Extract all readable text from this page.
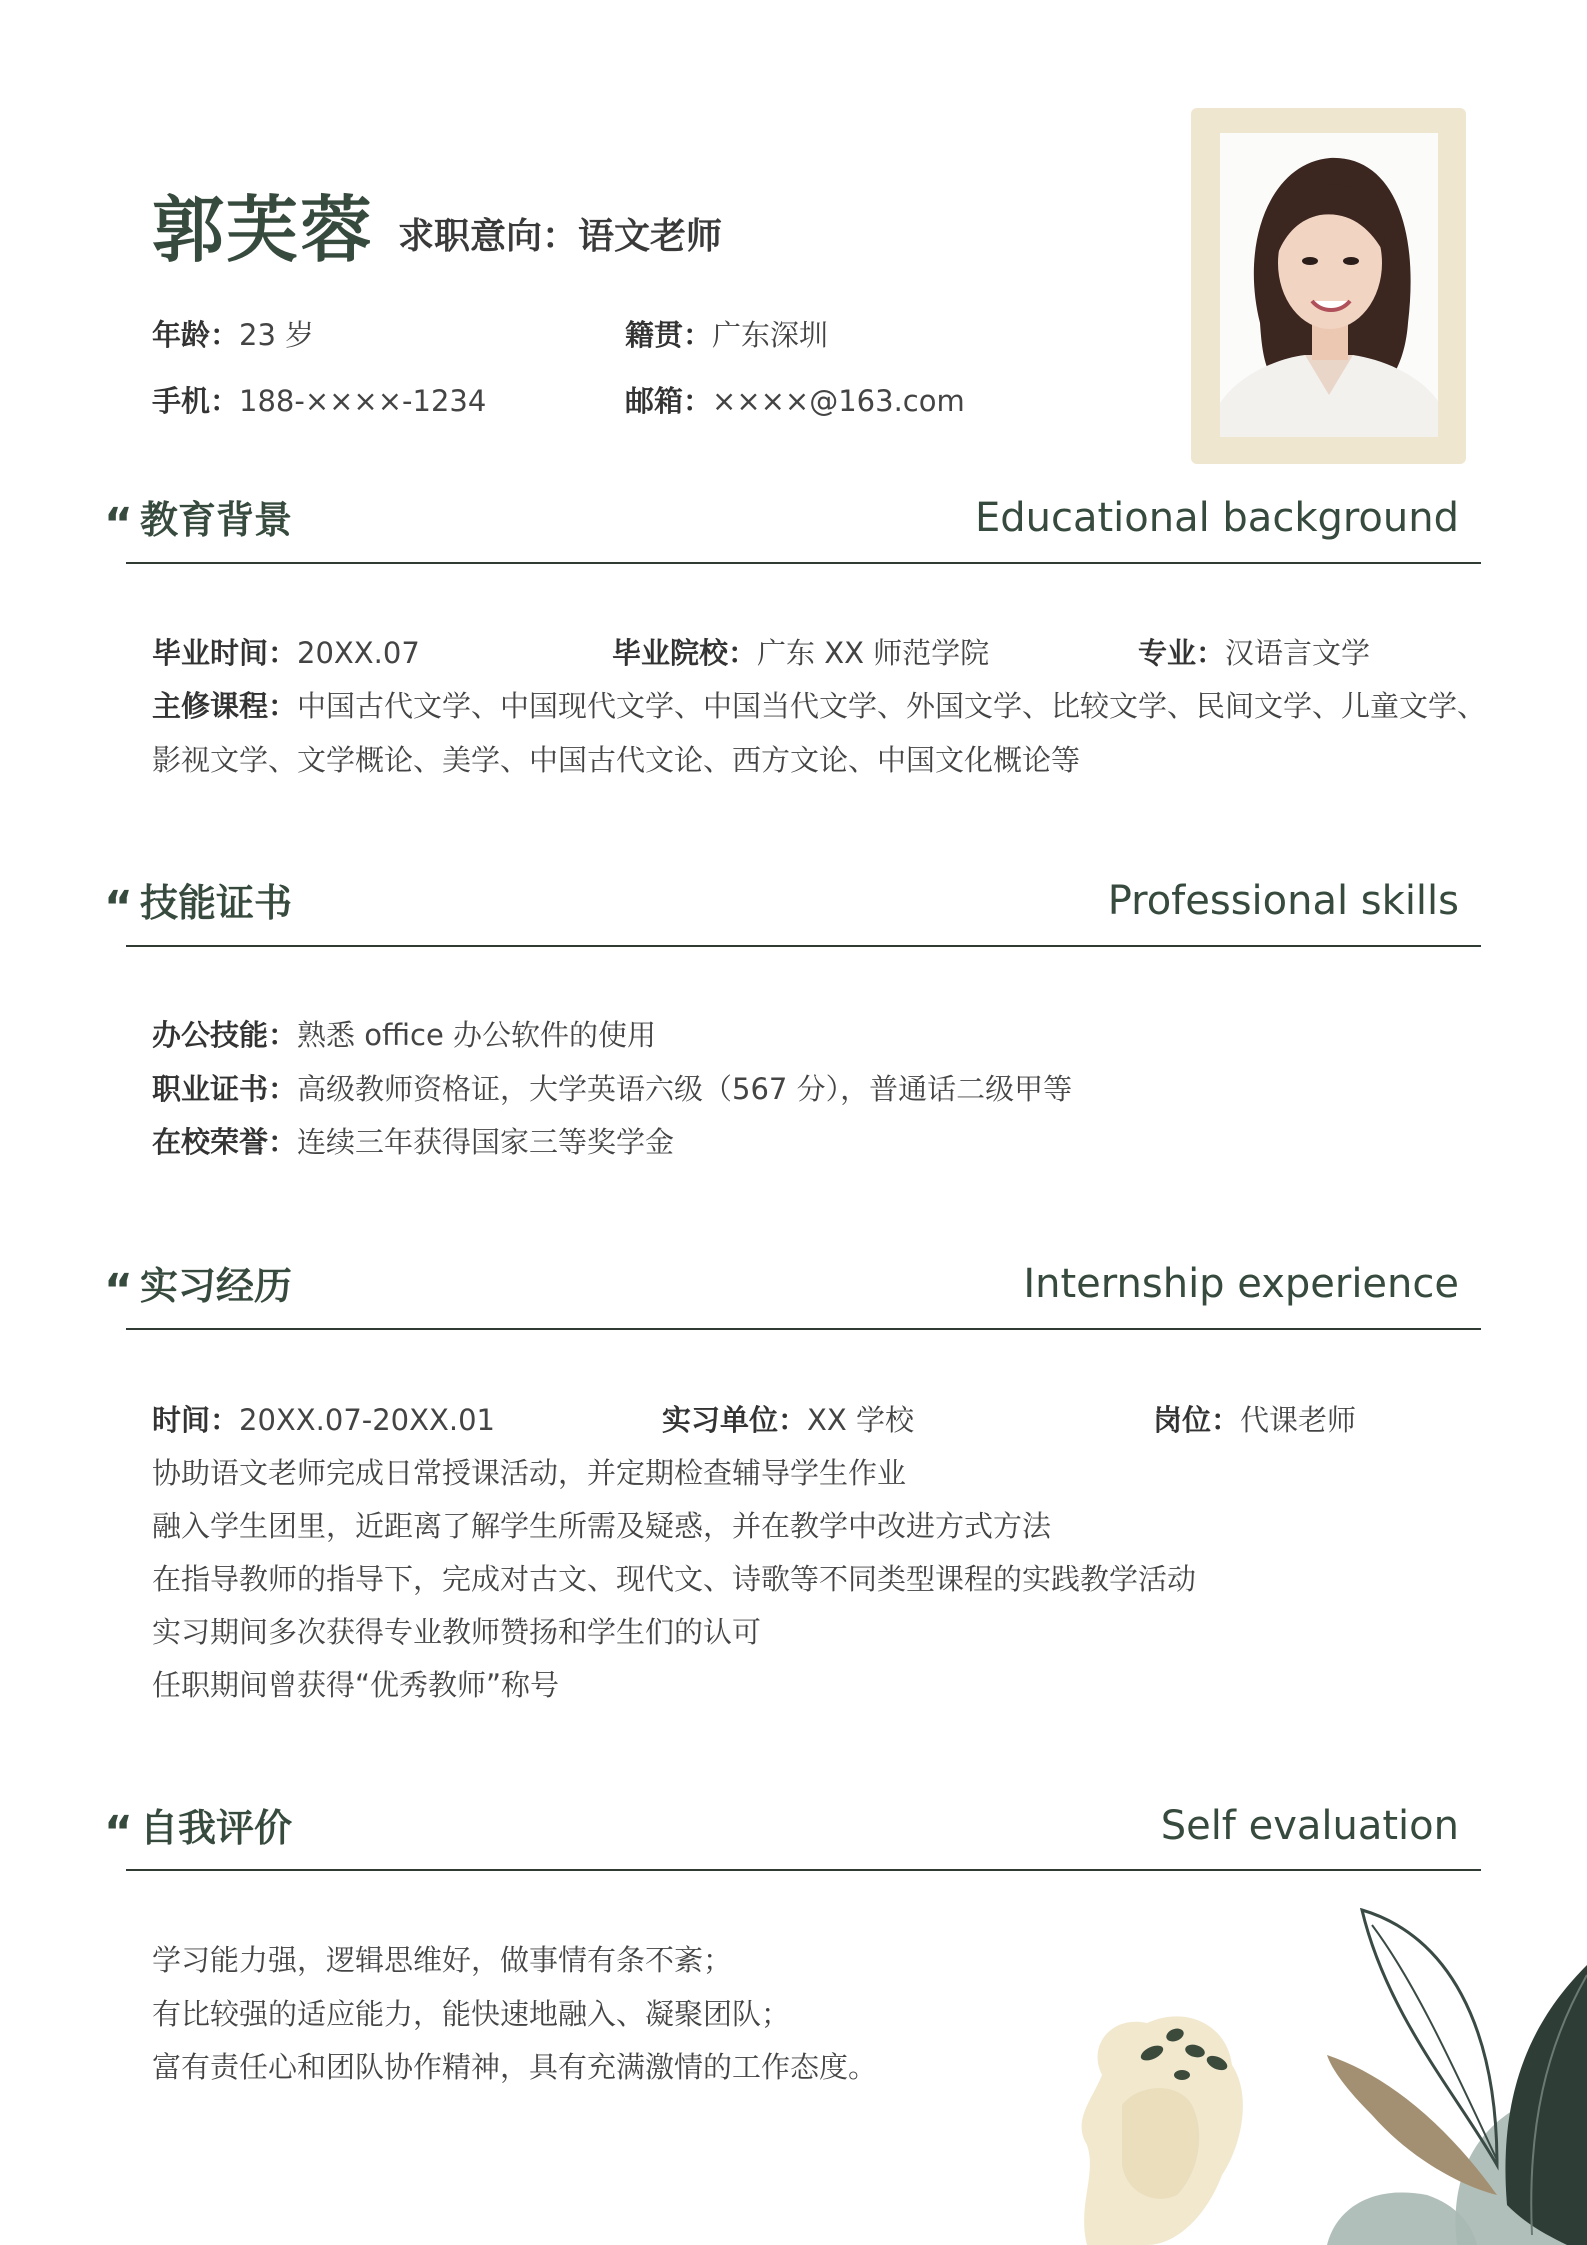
郭芙蓉 求职意向：语文老师
年龄：23 岁	籍贯：广东深圳
手机：188-××××-1234	邮箱：××××@163.com
“ 教育背景	Educational background
毕业时间：20XX.07	毕业院校：广东 XX 师范学院	专业：汉语言文学
主修课程：中国古代文学、中国现代文学、中国当代文学、外国文学、比较文学、民间文学、儿童文学、
影视文学、文学概论、美学、中国古代文论、西方文论、中国文化概论等
“ 技能证书	Professional skills
办公技能：熟悉 office 办公软件的使用
职业证书：高级教师资格证，大学英语六级（567 分），普通话二级甲等
在校荣誉：连续三年获得国家三等奖学金
“ 实习经历	Internship experience
时间：20XX.07-20XX.01	实习单位：XX 学校	岗位：代课老师
协助语文老师完成日常授课活动，并定期检查辅导学生作业
融入学生团里，近距离了解学生所需及疑惑，并在教学中改进方式方法
在指导教师的指导下，完成对古文、现代文、诗歌等不同类型课程的实践教学活动
实习期间多次获得专业教师赞扬和学生们的认可
任职期间曾获得“优秀教师”称号
“ 自我评价	Self evaluation
学习能力强，逻辑思维好，做事情有条不紊；
有比较强的适应能力，能快速地融入、凝聚团队；
富有责任心和团队协作精神，具有充满激情的工作态度。
